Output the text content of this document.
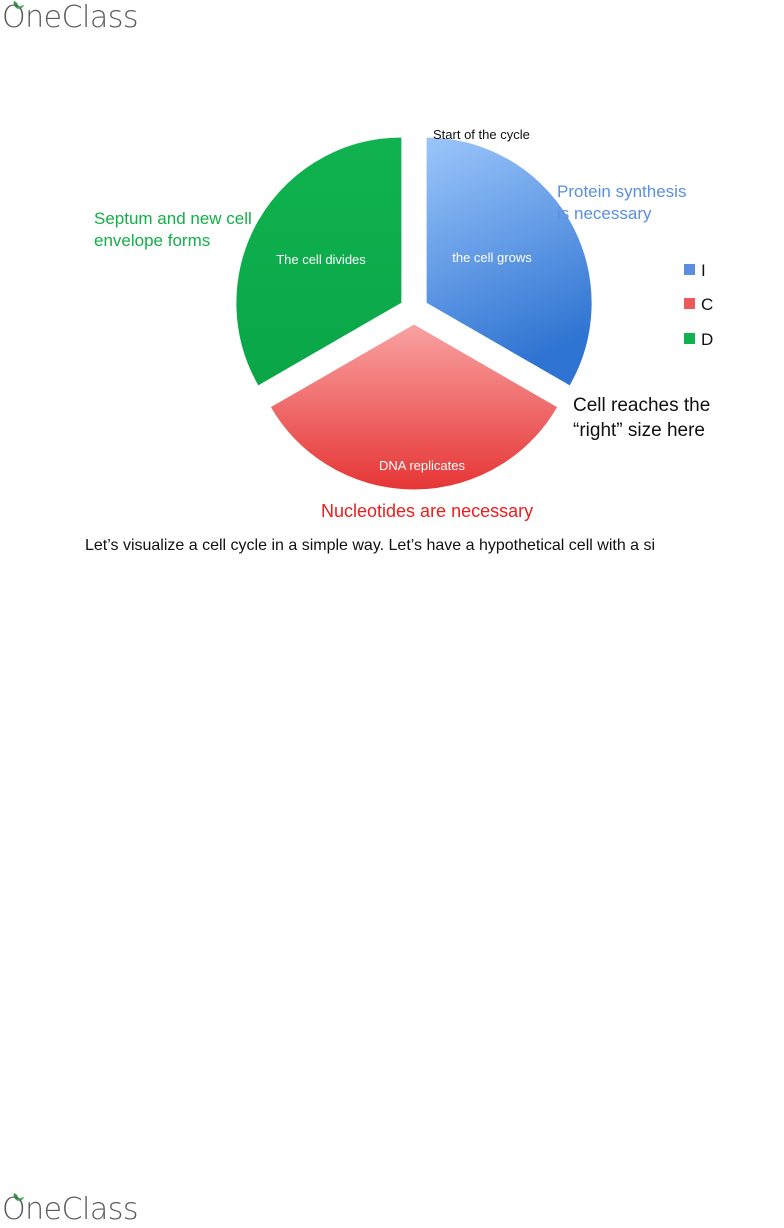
OneClass
the cell grows
DNA replicates
The cell divides
Start of the cycle
Protein synthesis
is necessary
Cell reaches the
“right” size here
Nucleotides are necessary
Septum and new cell
envelope forms
I
C
D
Let’s visualize a cell cycle in a simple way. Let’s have a hypothetical cell with a si
OneClass
